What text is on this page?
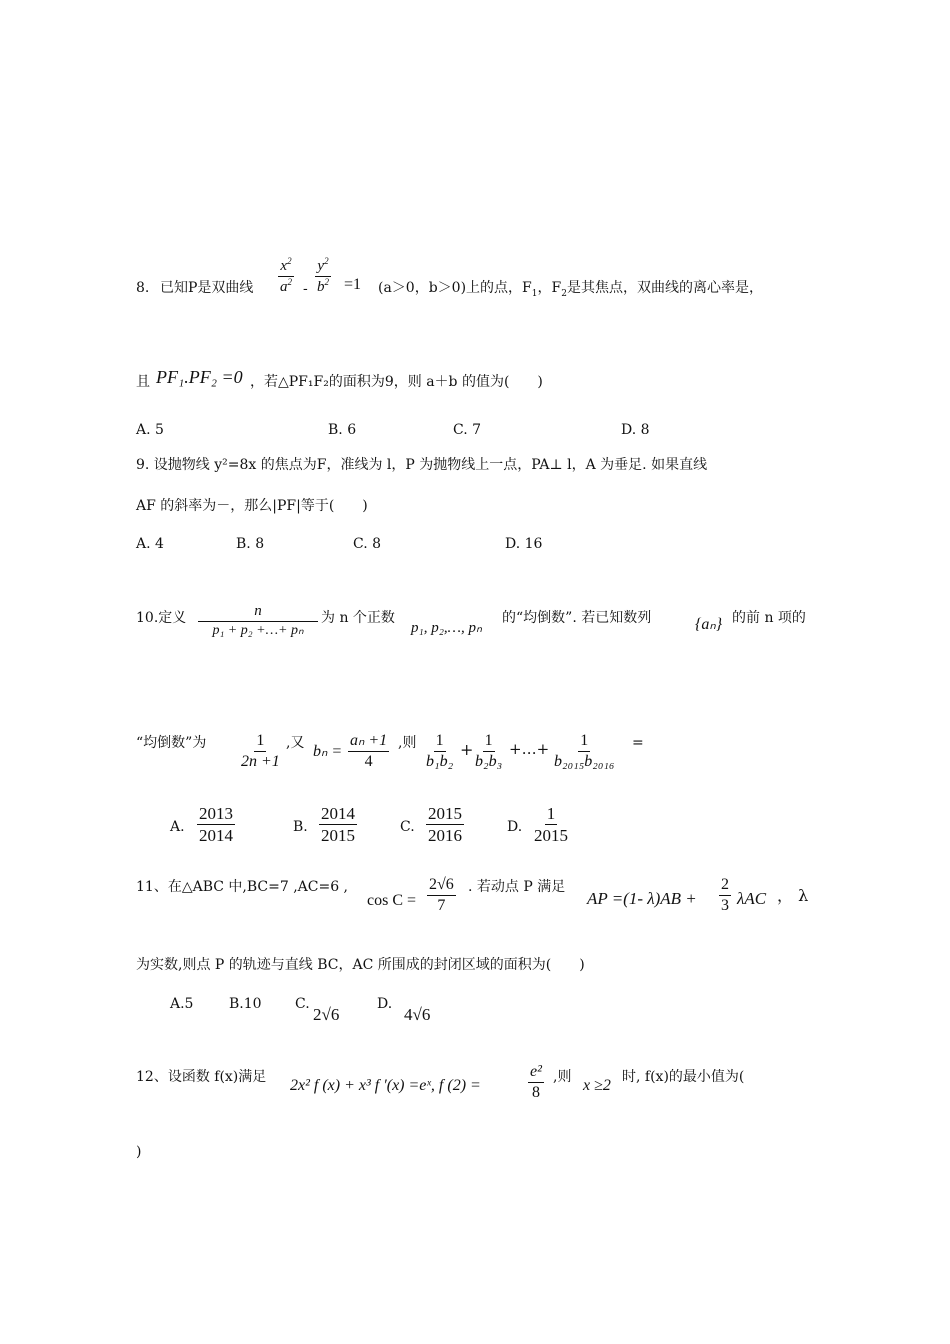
8. 已知P是双曲线 $\frac{x^2}{a^2} - \frac{y^2}{b^2} =1$ (a＞0，b＞0)上的点，$F_1$，$F_2$是其焦点，双曲线的离心率是，
且 PF₁.PF₂ =0 ，若△PF₁F₂的面积为9，则 a＋b 的值为(　　)
A. 5	B. 6	C. 7	D. 8
9. 设抛物线 y²=8x 的焦点为F，准线为 l，P 为抛物线上一点，PA⊥ l，A 为垂足. 如果直线
AF 的斜率为－，那么|PF|等于(　　)
A. 4	B. 8	C. 8	D. 16
10.定义 $\frac{n}{\text{p₁ + p₂ +…+ pₙ}}$ 为 n 个正数
p₁, p₂,…, pₙ
的“均倒数”. 若已知数列	{aₙ} 的前 n 项的
“均倒数”为 $\frac{1}{2n +1}$ ,又 $b_n = \frac{\text{aₙ +1}}{4}$ ,则 $\frac{1}{\text{b₁b₂}} + \frac{1}{\text{b₂b₃}}$ +…+ $\frac{1}{\text{b₂₀₁₅b₂₀₁₆}}$ =
A. $\frac{2013}{2014}$	B. $\frac{2014}{2015}$	C. $\frac{2015}{2016}$	D. $\frac{1}{2015}$
11、在△ABC 中,BC=7 ,AC=6 ,
$\cos C = \frac{2√6}{7}$ . 若动点 P 满足
AP =(1- $\lambda)AB + \frac{2}{3}$ λAC ， λ
为实数,则点 P 的轨迹与直线 BC，AC 所围成的封闭区域的面积为(　　)
A.5	B.10 C.
2√6
D.
4√6
12、设函数 f(x)满足 2x² f (x) + x³ f ′(x) =eˣ, f (2) =	$\frac{\text{e²}}{8}$ ,则 x ≥2 时, f(x)的最小值为(
)
